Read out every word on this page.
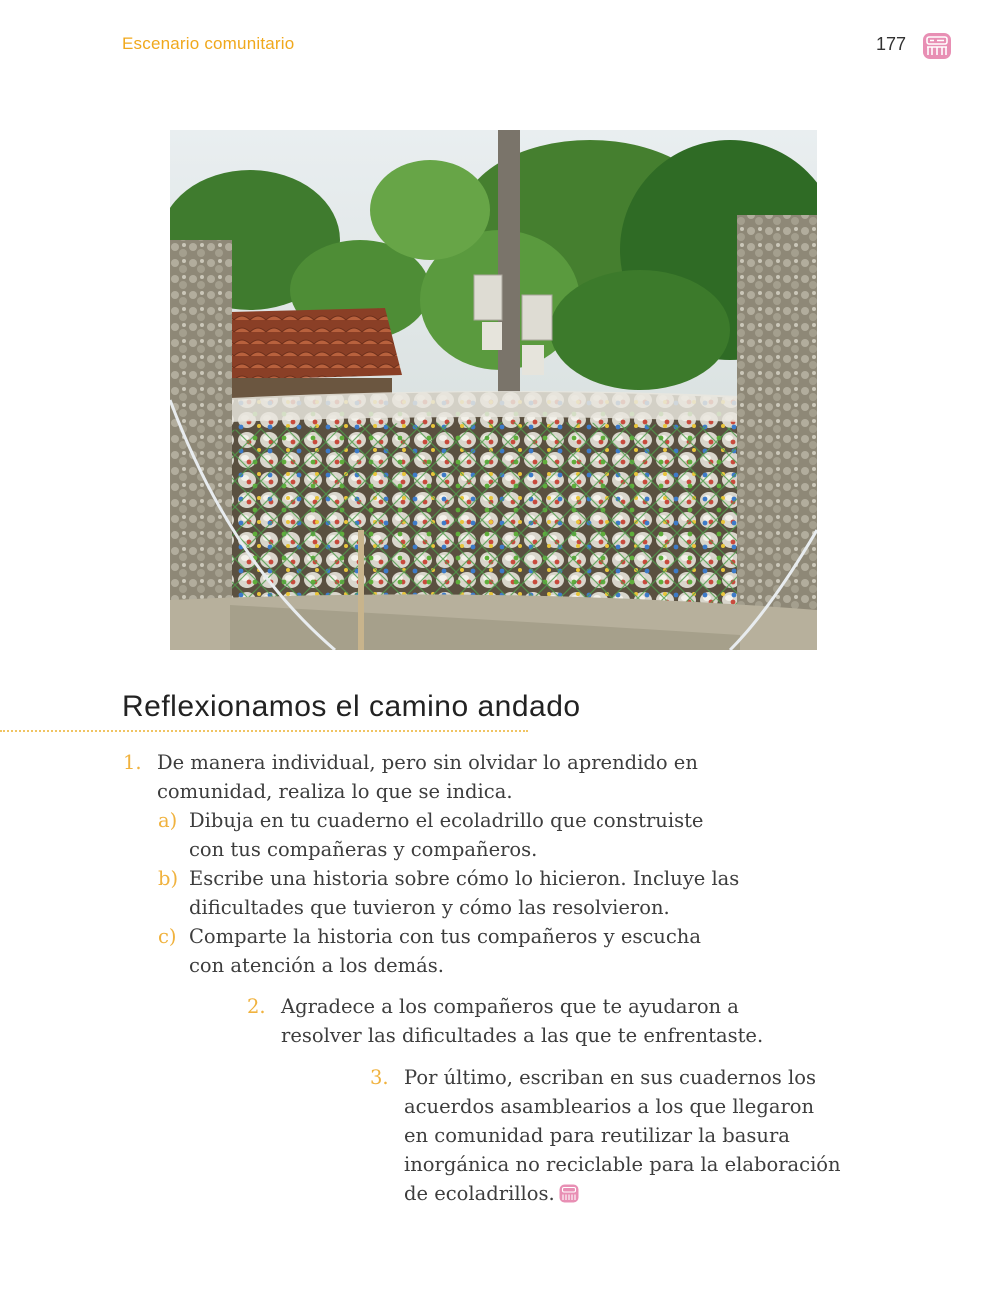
Escenario comunitario	177
Reflexionamos el camino andado
1. De manera individual, pero sin olvidar lo aprendido en
comunidad, realiza lo que se indica.
a) Dibuja en tu cuaderno el ecoladrillo que construiste
con tus compañeras y compañeros.
b) Escribe una historia sobre cómo lo hicieron. Incluye las
dificultades que tuvieron y cómo las resolvieron.
c) Comparte la historia con tus compañeros y escucha
con atención a los demás.
2. Agradece a los compañeros que te ayudaron a
resolver las dificultades a las que te enfrentaste.
3. Por último, escriban en sus cuadernos los
acuerdos asamblearios a los que llegaron
en comunidad para reutilizar la basura
inorgánica no reciclable para la elaboración
de ecoladrillos.
